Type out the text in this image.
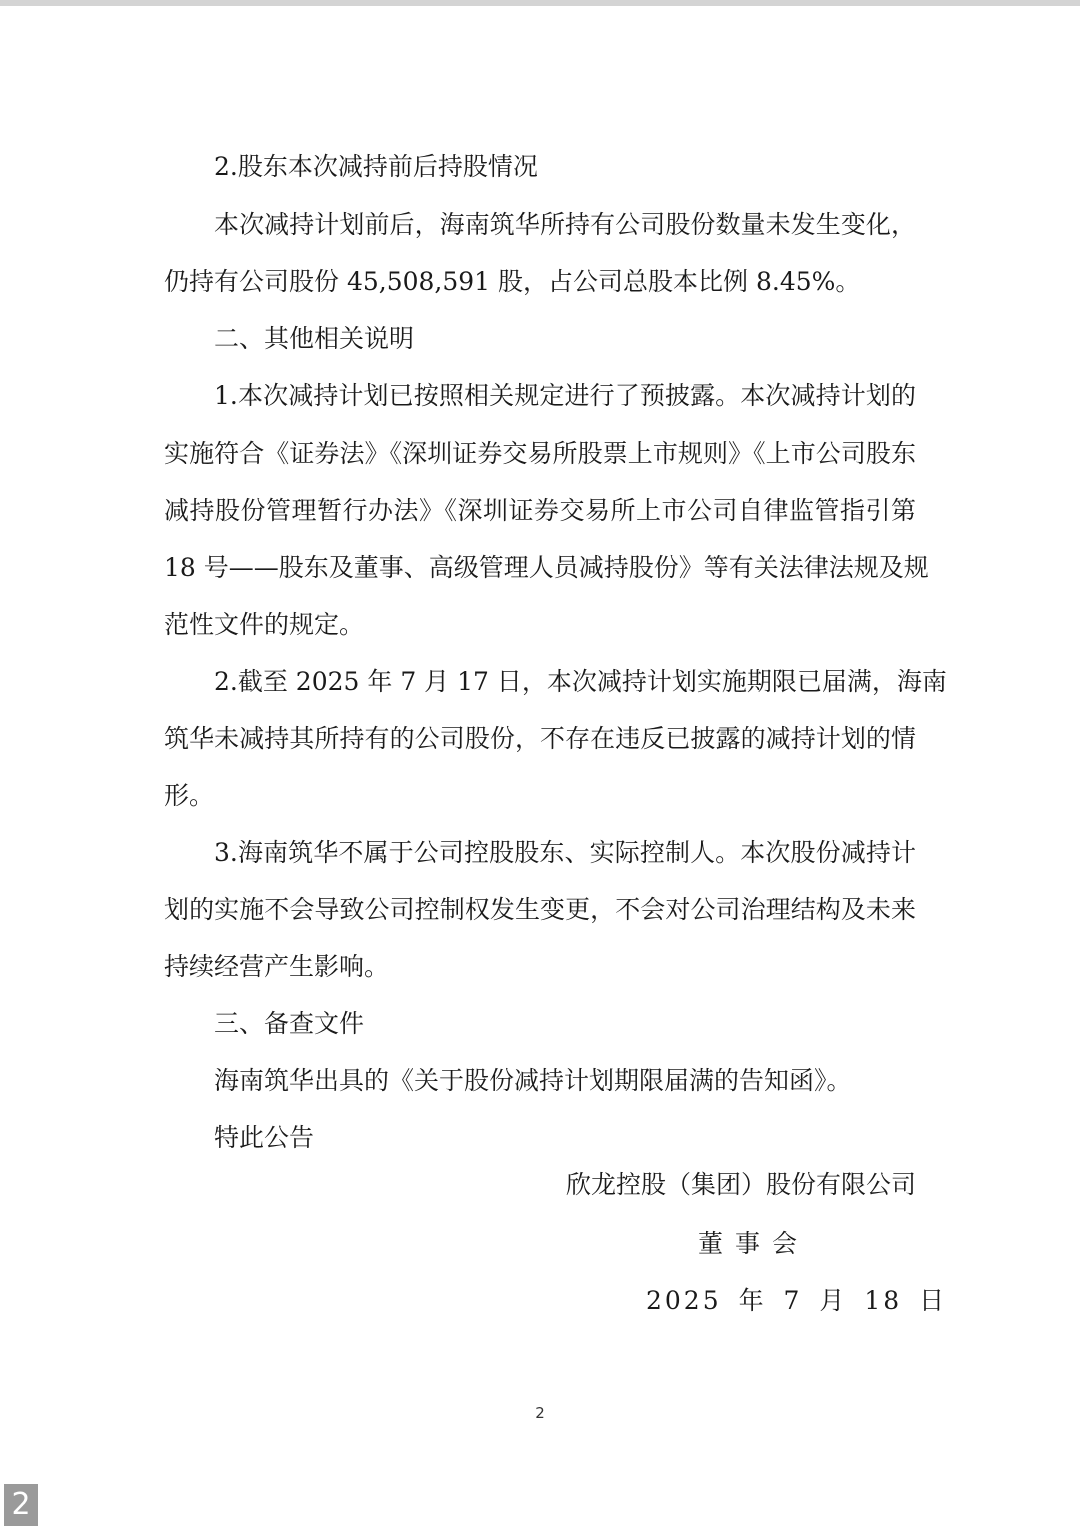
2.股东本次减持前后持股情况
本次减持计划前后，海南筑华所持有公司股份数量未发生变化，
仍持有公司股份 45,508,591 股，占公司总股本比例 8.45%。
二、其他相关说明
1.本次减持计划已按照相关规定进行了预披露。本次减持计划的
实施符合《证券法》《深圳证券交易所股票上市规则》《上市公司股东
减持股份管理暂行办法》《深圳证券交易所上市公司自律监管指引第
18 号——股东及董事、高级管理人员减持股份》等有关法律法规及规
范性文件的规定。
2.截至 2025 年 7 月 17 日，本次减持计划实施期限已届满，海南
筑华未减持其所持有的公司股份，不存在违反已披露的减持计划的情
形。
3.海南筑华不属于公司控股股东、实际控制人。本次股份减持计
划的实施不会导致公司控制权发生变更，不会对公司治理结构及未来
持续经营产生影响。
三、备查文件
海南筑华出具的《关于股份减持计划期限届满的告知函》。
特此公告
欣龙控股（集团）股份有限公司
董事会
2025 年 7 月 18 日
2
2
